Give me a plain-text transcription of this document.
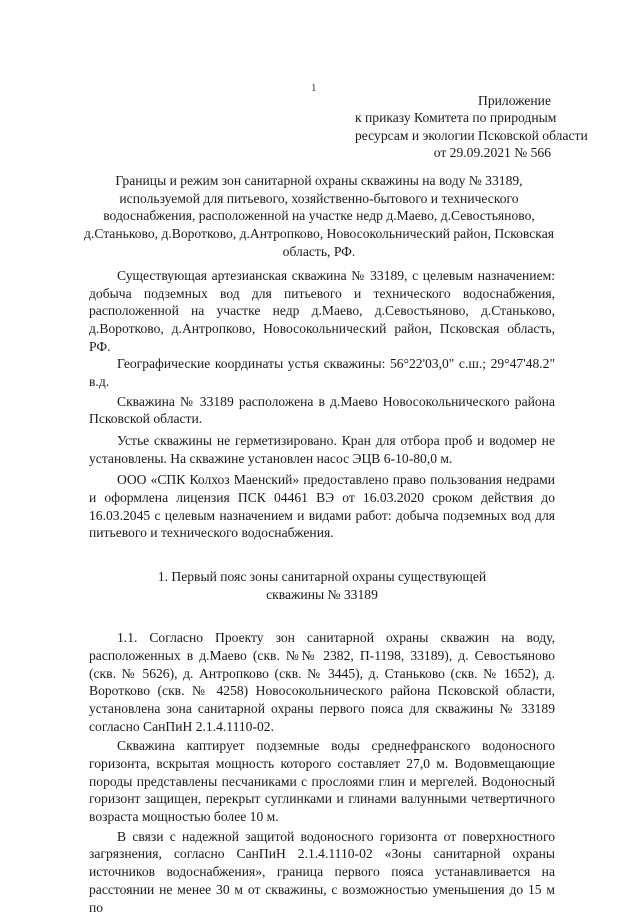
1
Приложение
к приказу Комитета по природным
ресурсам и экологии Псковской области
от 29.09.2021 № 566
Границы и режим зон санитарной охраны скважины на воду № 33189, используемой для питьевого, хозяйственно-бытового и технического водоснабжения, расположенной на участке недр д.Маево, д.Севостьяново, д.Станьково, д.Воротково, д.Антропково, Новосокольнический район, Псковская область, РФ.

Существующая артезианская скважина № 33189, с целевым назначением: добыча подземных вод для питьевого и технического водоснабжения, расположенной на участке недр д.Маево, д.Севостьяново, д.Станьково, д.Воротково, д.Антропково, Новосокольнический район, Псковская область, РФ.

Географические координаты устья скважины: 56°22'03,0" с.ш.; 29°47'48.2" в.д.

Скважина № 33189 расположена в д.Маево Новосокольнического района Псковской области.

Устье скважины не герметизировано. Кран для отбора проб и водомер не установлены. На скважине установлен насос ЭЦВ 6-10-80,0 м.

ООО «СПК Колхоз Маенский» предоставлено право пользования недрами и оформлена лицензия ПСК 04461 ВЭ от 16.03.2020 сроком действия до 16.03.2045 с целевым назначением и видами работ: добыча подземных вод для питьевого и технического водоснабжения.

1. Первый пояс зоны санитарной охраны существующей скважины № 33189

1.1. Согласно Проекту зон санитарной охраны скважин на воду, расположенных в д.Маево (скв. №№ 2382, П-1198, 33189), д. Севостьяново (скв. № 5626), д. Антропково (скв. № 3445), д. Станьково (скв. № 1652), д. Воротково (скв. № 4258) Новосокольнического района Псковской области, установлена зона санитарной охраны первого пояса для скважины № 33189 согласно СанПиН 2.1.4.1110-02.

Скважина каптирует подземные воды среднефранского водоносного горизонта, вскрытая мощность которого составляет 27,0 м. Водовмещающие породы представлены песчаниками с прослоями глин и мергелей. Водоносный горизонт защищен, перекрыт суглинками и глинами валунными четвертичного возраста мощностью более 10 м.

В связи с надежной защитой водоносного горизонта от поверхностного загрязнения, согласно СанПиН 2.1.4.1110-02 «Зоны санитарной охраны источников водоснабжения», граница первого пояса устанавливается на расстоянии не менее 30 м от скважины, с возможностью уменьшения до 15 м по
